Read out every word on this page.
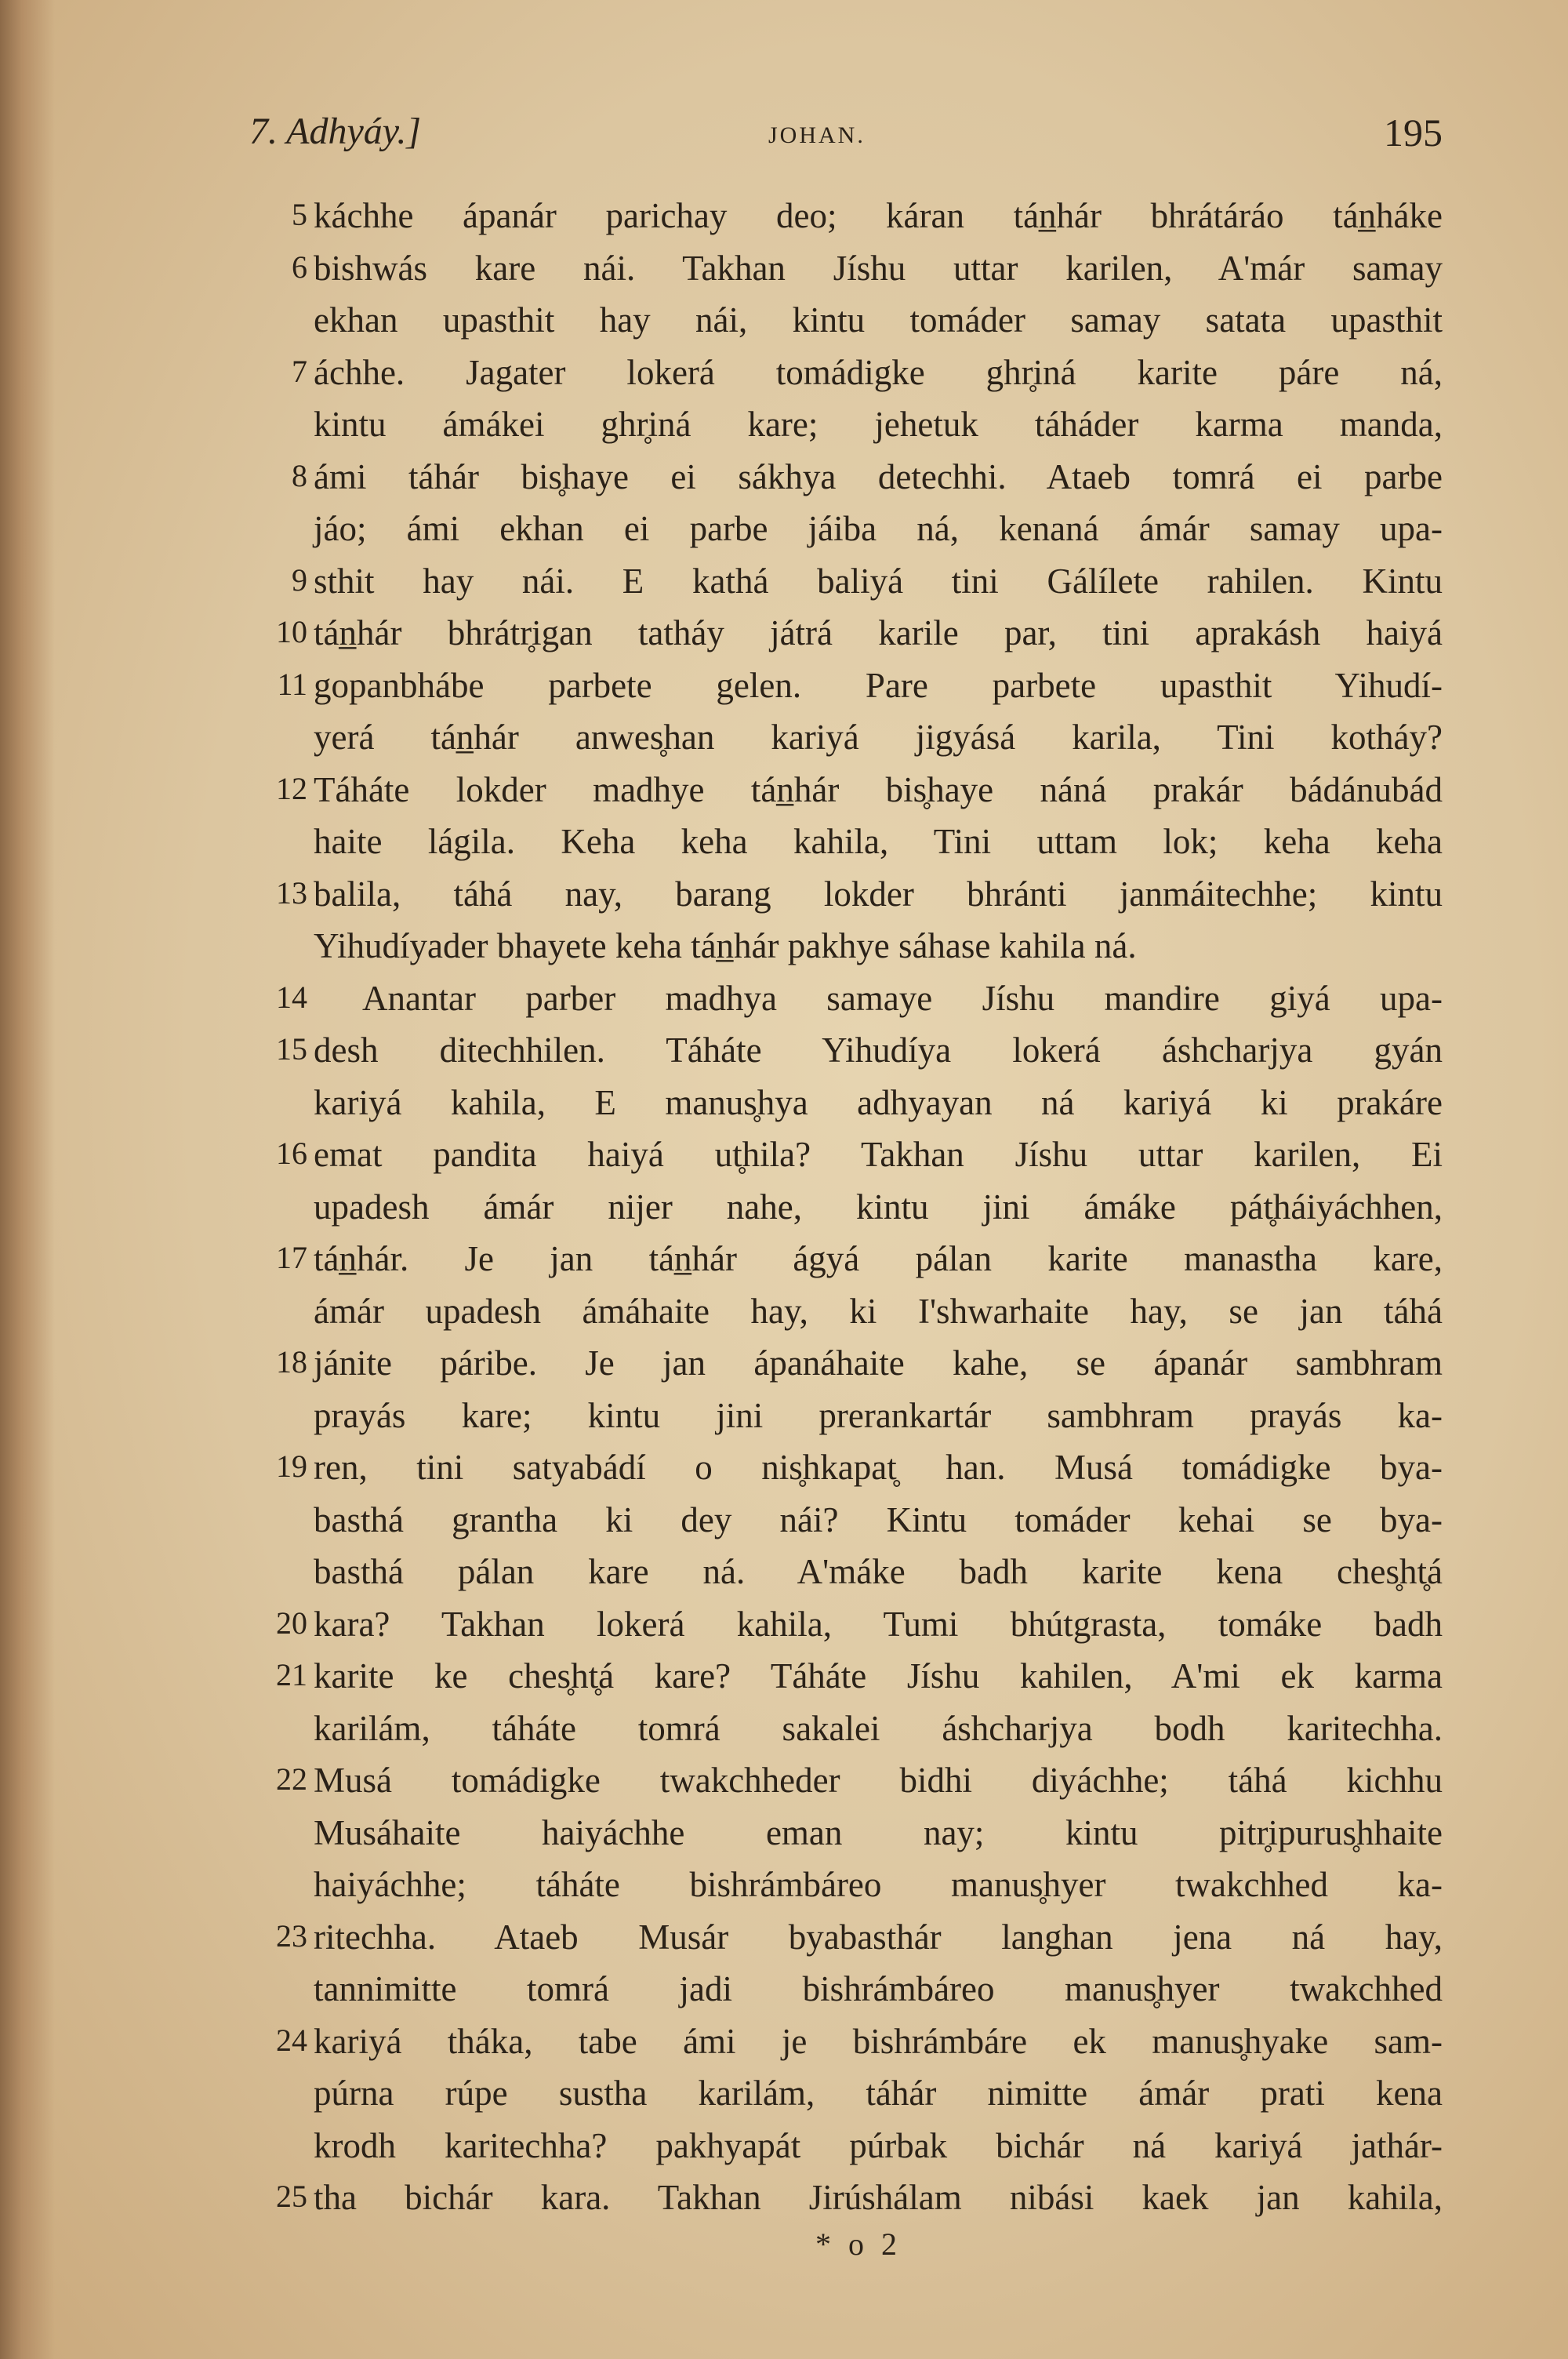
7. Adhyáy.]	JOHAN.	195
5 káchhe ápanár parichay deo; káran tán̲hár bhrátáráo tán̲háke
6 bishwás kare nái. Takhan Jíshu uttar karilen, A'már samay
ekhan upasthit hay nái, kintu tomáder samay satata upasthit
7 áchhe. Jagater lokerá tomádigke ghr̥iná karite páre ná,
kintu ámákei ghr̥iná kare; jehetuk táháder karma manda,
8 ámi táhár bis̥haye ei sákhya detechhi. Ataeb tomrá ei parbe
jáo; ámi ekhan ei parbe jáiba ná, kenaná ámár samay upa-
9 sthit hay nái. E kathá baliyá tini Gálílete rahilen. Kintu
10 tán̲hár bhrátr̥igan tatháy játrá karile par, tini aprakásh haiyá
11 gopanbhábe parbete gelen. Pare parbete upasthit Yihudí-
yerá tán̲hár anwes̥han kariyá jigyásá karila, Tini kotháy?
12 Táháte lokder madhye tán̲hár bis̥haye náná prakár bádánubád
haite lágila. Keha keha kahila, Tini uttam lok; keha keha
13 balila, táhá nay, barang lokder bhránti janmáitechhe; kintu
Yihudíyader bhayete keha tán̲hár pakhye sáhase kahila ná.
14 Anantar parber madhya samaye Jíshu mandire giyá upa-
15 desh ditechhilen. Táháte Yihudíya lokerá áshcharjya gyán
kariyá kahila, E manus̥hya adhyayan ná kariyá ki prakáre
16 emat pandita haiyá ut̥hila? Takhan Jíshu uttar karilen, Ei
upadesh ámár nijer nahe, kintu jini ámáke pát̥háiyáchhen,
17 tán̲hár. Je jan tán̲hár ágyá pálan karite manastha kare,
ámár upadesh ámáhaite hay, ki I'shwarhaite hay, se jan táhá
18 jánite páribe. Je jan ápanáhaite kahe, se ápanár sambhram
prayás kare; kintu jini prerankartár sambhram prayás ka-
19 ren, tini satyabádí o nis̥hkapat̥ han. Musá tomádigke bya-
basthá grantha ki dey nái? Kintu tomáder kehai se bya-
basthá pálan kare ná. A'máke badh karite kena ches̥ht̥á
20 kara? Takhan lokerá kahila, Tumi bhútgrasta, tomáke badh
21 karite ke ches̥ht̥á kare? Táháte Jíshu kahilen, A'mi ek karma
karilám, táháte tomrá sakalei áshcharjya bodh karitechha.
22 Musá tomádigke twakchheder bidhi diyáchhe; táhá kichhu
Musáhaite haiyáchhe eman nay; kintu pitr̥ipurus̥hhaite
haiyáchhe; táháte bishrámbáreo manus̥hyer twakchhed ka-
23 ritechha. Ataeb Musár byabasthár langhan jena ná hay,
tannimitte tomrá jadi bishrámbáreo manus̥hyer twakchhed
24 kariyá tháka, tabe ámi je bishrámbáre ek manus̥hyake sam-
púrna rúpe sustha karilám, táhár nimitte ámár prati kena
krodh karitechha? pakhyapát púrbak bichár ná kariyá jathár-
25 tha bichár kara. Takhan Jirúshálam nibási kaek jan kahila,
* o 2
